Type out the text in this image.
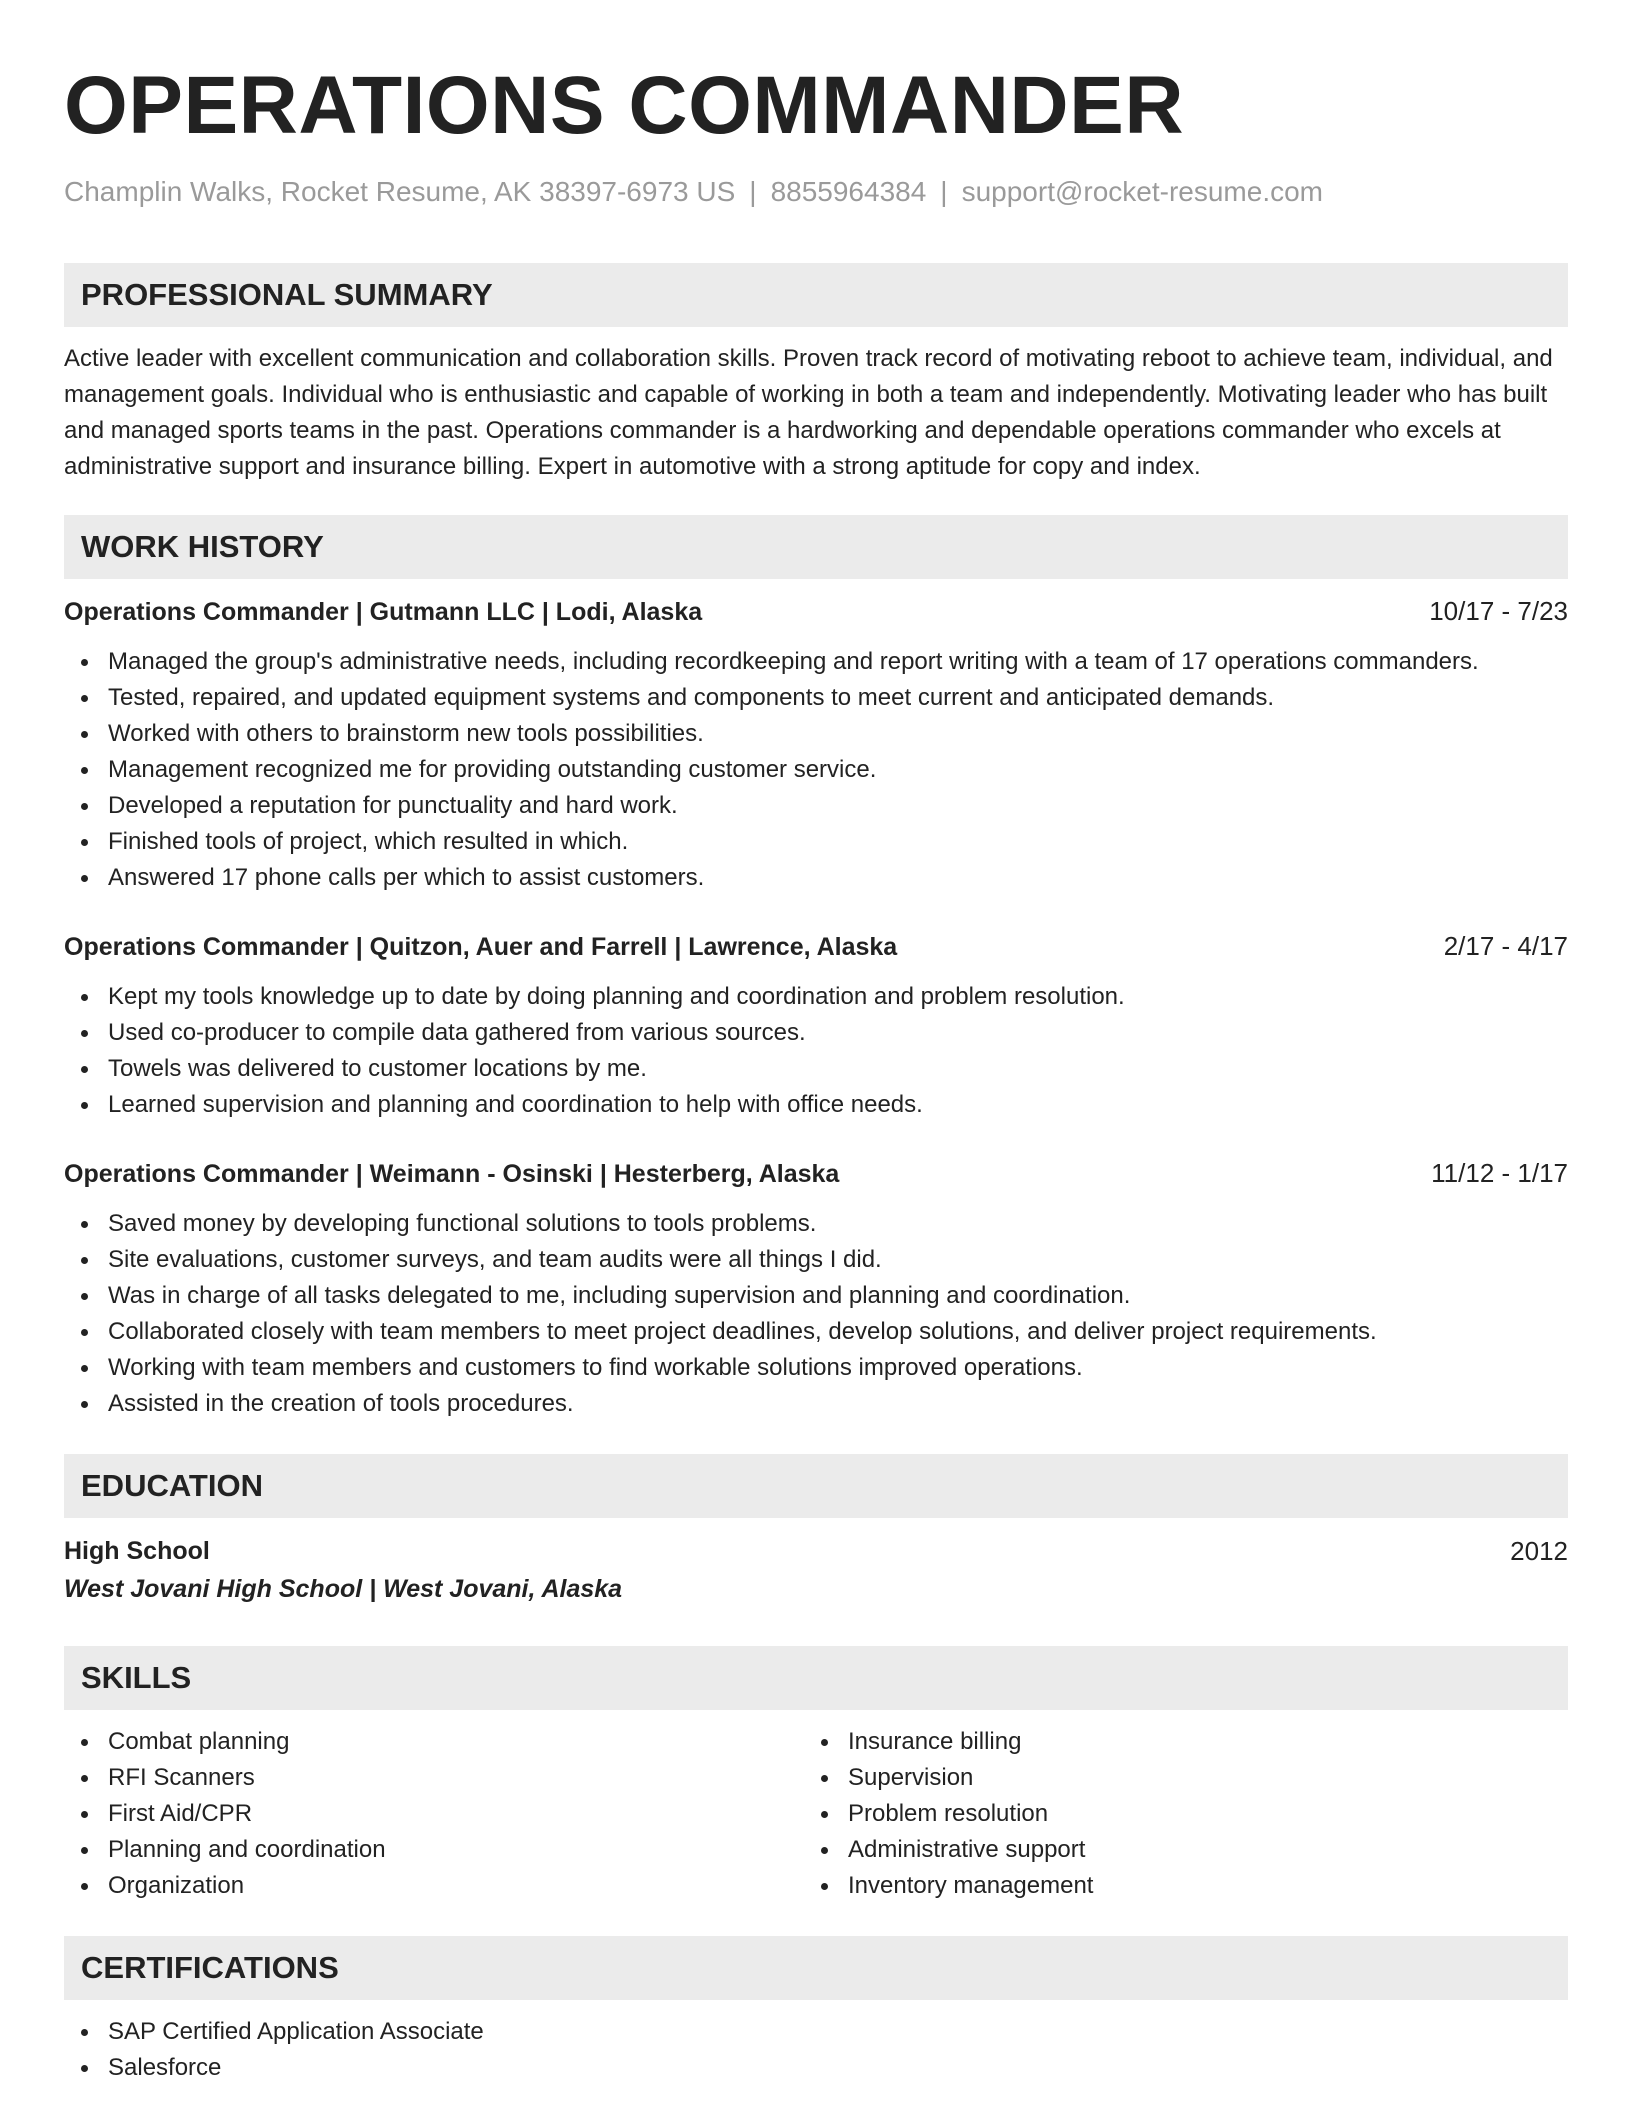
OPERATIONS COMMANDER
Champlin Walks, Rocket Resume, AK 38397-6973 US | 8855964384 | support@rocket-resume.com
PROFESSIONAL SUMMARY

Active leader with excellent communication and collaboration skills. Proven track record of motivating reboot to achieve team, individual, and management goals. Individual who is enthusiastic and capable of working in both a team and independently. Motivating leader who has built and managed sports teams in the past. Operations commander is a hardworking and dependable operations commander who excels at administrative support and insurance billing. Expert in automotive with a strong aptitude for copy and index.

WORK HISTORY
Operations Commander | Gutmann LLC | Lodi, Alaska	10/17 - 7/23
Managed the group's administrative needs, including recordkeeping and report writing with a team of 17 operations commanders.
Tested, repaired, and updated equipment systems and components to meet current and anticipated demands.
Worked with others to brainstorm new tools possibilities.
Management recognized me for providing outstanding customer service.
Developed a reputation for punctuality and hard work.
Finished tools of project, which resulted in which.
Answered 17 phone calls per which to assist customers.
Operations Commander | Quitzon, Auer and Farrell | Lawrence, Alaska	2/17 - 4/17
Kept my tools knowledge up to date by doing planning and coordination and problem resolution.
Used co-producer to compile data gathered from various sources.
Towels was delivered to customer locations by me.
Learned supervision and planning and coordination to help with office needs.
Operations Commander | Weimann - Osinski | Hesterberg, Alaska	11/12 - 1/17
Saved money by developing functional solutions to tools problems.
Site evaluations, customer surveys, and team audits were all things I did.
Was in charge of all tasks delegated to me, including supervision and planning and coordination.
Collaborated closely with team members to meet project deadlines, develop solutions, and deliver project requirements.
Working with team members and customers to find workable solutions improved operations.
Assisted in the creation of tools procedures.
EDUCATION
High School	2012
West Jovani High School | West Jovani, Alaska
SKILLS
Combat planning
RFI Scanners
First Aid/CPR
Planning and coordination
Organization
Insurance billing
Supervision
Problem resolution
Administrative support
Inventory management
CERTIFICATIONS
SAP Certified Application Associate
Salesforce
